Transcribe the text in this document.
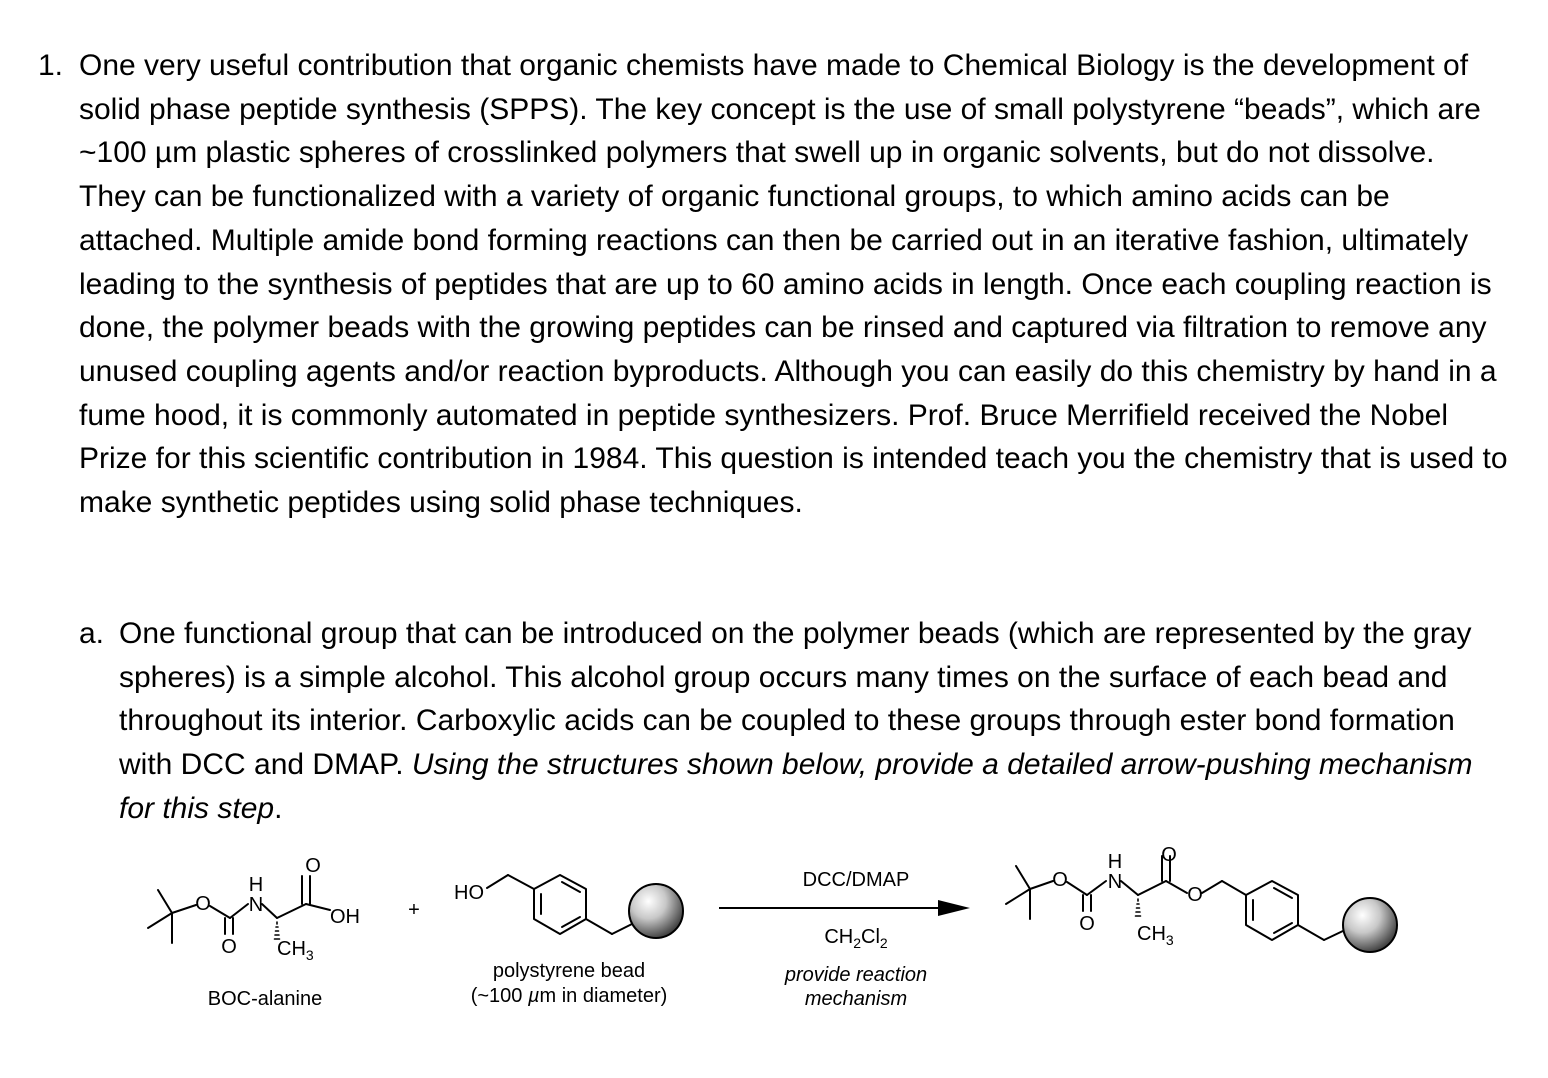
1. One very useful contribution that organic chemists have made to Chemical Biology is the development of solid phase peptide synthesis (SPPS). The key concept is the use of small polystyrene “beads”, which are ~100 µm plastic spheres of crosslinked polymers that swell up in organic solvents, but do not dissolve. They can be functionalized with a variety of organic functional groups, to which amino acids can be attached. Multiple amide bond forming reactions can then be carried out in an iterative fashion, ultimately leading to the synthesis of peptides that are up to 60 amino acids in length. Once each coupling reaction is done, the polymer beads with the growing peptides can be rinsed and captured via filtration to remove any unused coupling agents and/or reaction byproducts. Although you can easily do this chemistry by hand in a fume hood, it is commonly automated in peptide synthesizers. Prof. Bruce Merrifield received the Nobel Prize for this scientific contribution in 1984. This question is intended teach you the chemistry that is used to make synthetic peptides using solid phase techniques.
a. One functional group that can be introduced on the polymer beads (which are represented by the gray spheres) is a simple alcohol. This alcohol group occurs many times on the surface of each bead and throughout its interior. Carboxylic acids can be coupled to these groups through ester bond formation with DCC and DMAP. Using the structures shown below, provide a detailed arrow-pushing mechanism for this step.
O
O
H
N
O
OH
$CH_3$
BOC-alanine
+
HO
polystyrene bead
(~100 µm in diameter)
DCC/DMAP
$CH_2Cl_2$
provide reaction
mechanism
O
O
H
N
O
O
$CH_3$
